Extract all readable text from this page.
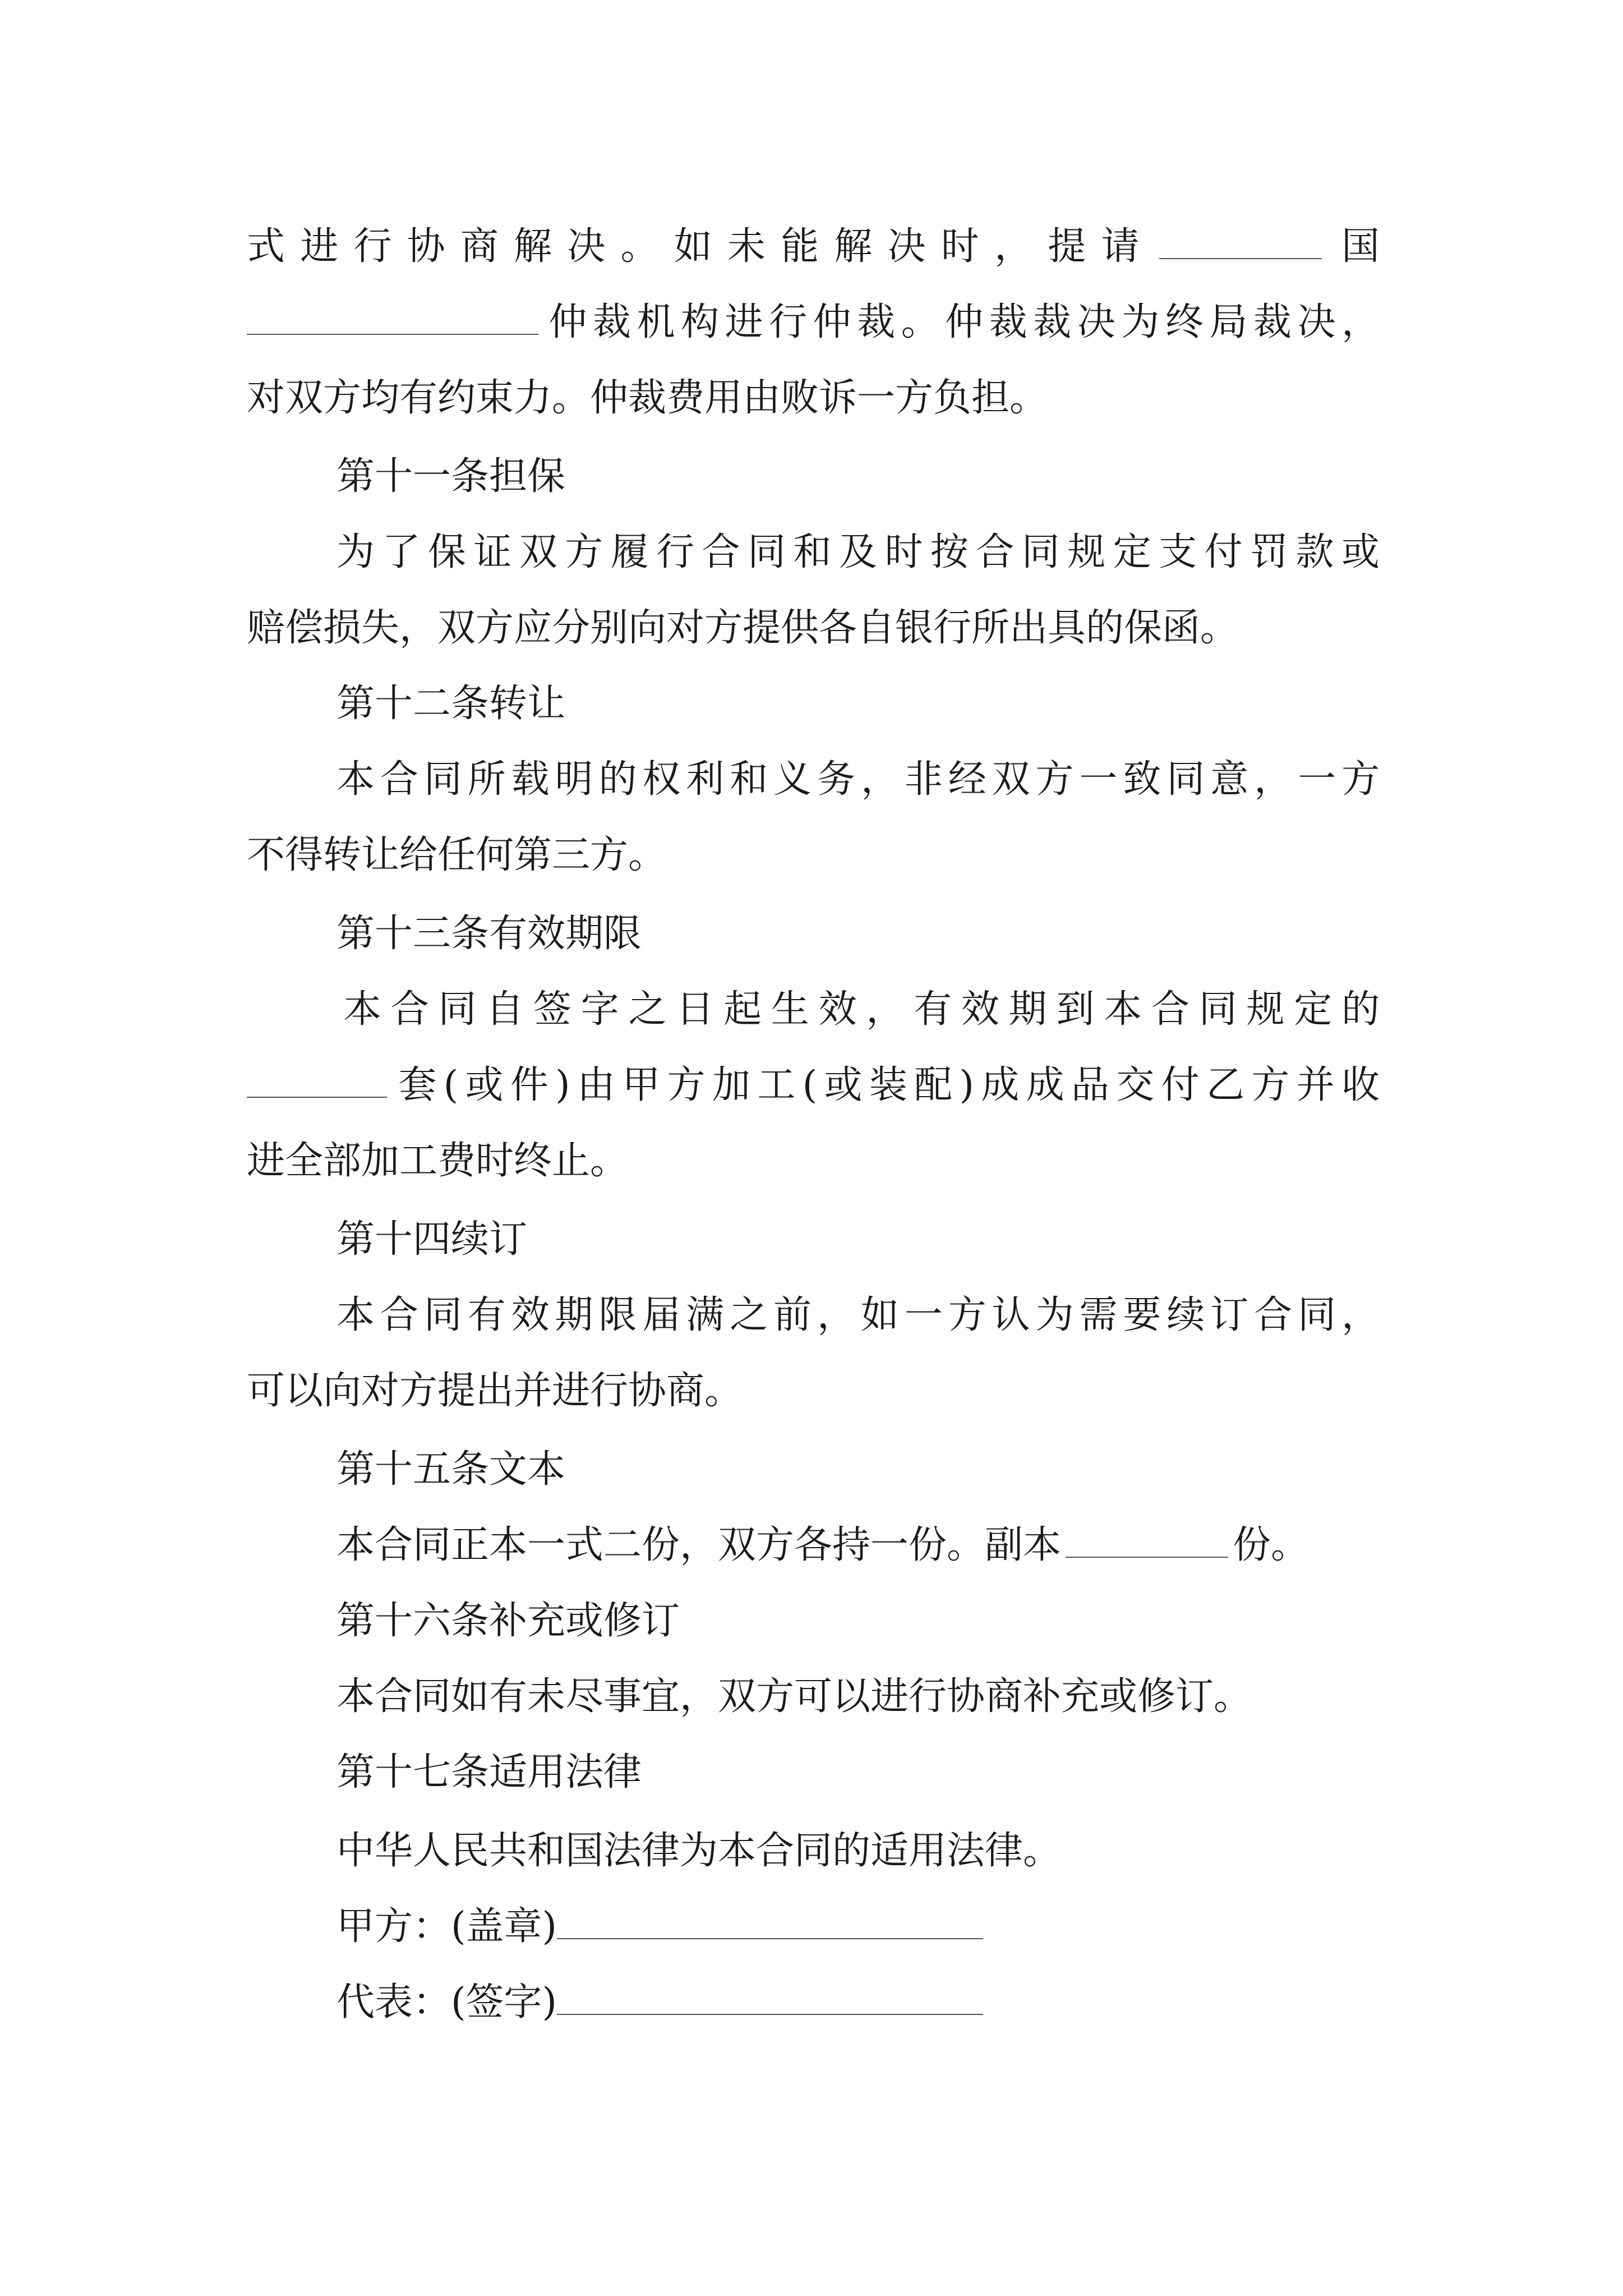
式进行协商解决。如未能解决时，提请	国
仲裁机构进行仲裁。仲裁裁决为终局裁决，
对双方均有约束力。仲裁费用由败诉一方负担。
第十一条担保
为了保证双方履行合同和及时按合同规定支付罚款或
赔偿损失，双方应分别向对方提供各自银行所出具的保函。
第十二条转让
本合同所载明的权利和义务，非经双方一致同意，一方
不得转让给任何第三方。
第十三条有效期限
本合同自签字之日起生效，有效期到本合同规定的
套(或件)由甲方加工(或装配)成成品交付乙方并收
进全部加工费时终止。
第十四续订
本合同有效期限届满之前，如一方认为需要续订合同，
可以向对方提出并进行协商。
第十五条文本
本合同正本一式二份，双方各持一份。副本	份。
第十六条补充或修订
本合同如有未尽事宜，双方可以进行协商补充或修订。
第十七条适用法律
中华人民共和国法律为本合同的适用法律。
甲方：(盖章)
代表：(签字)
